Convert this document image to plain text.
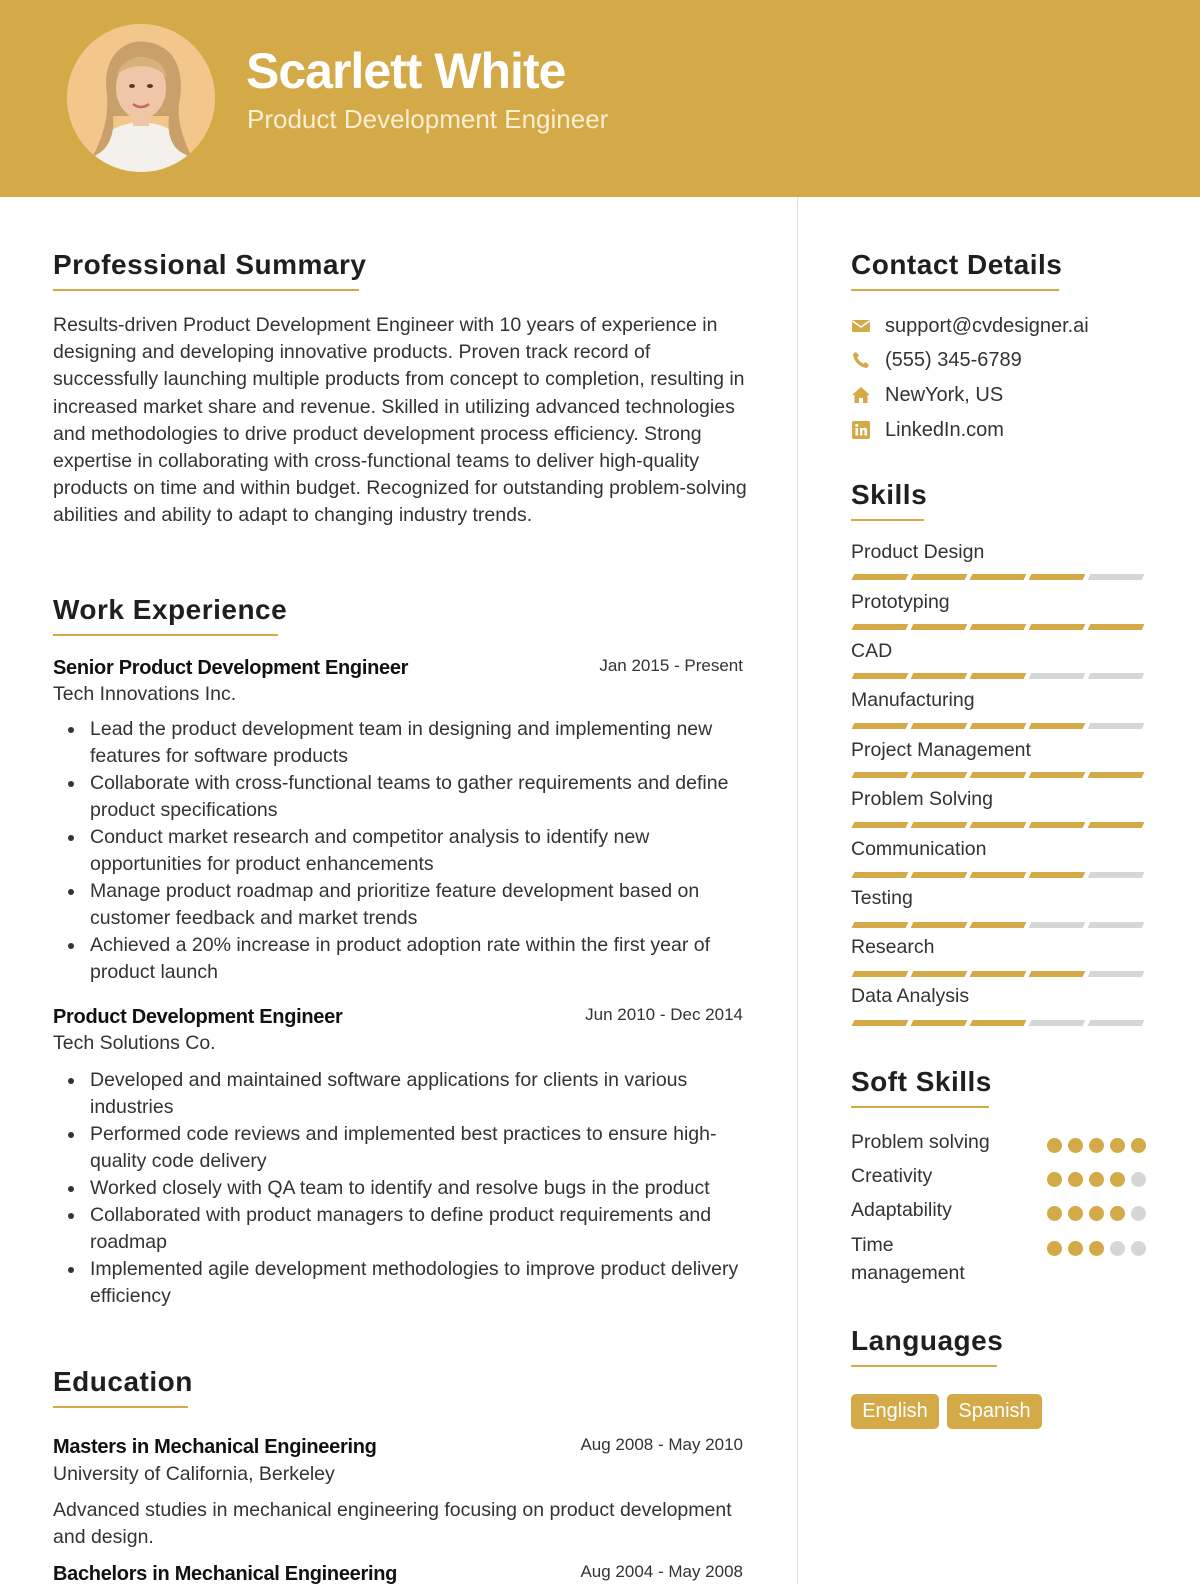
Scarlett White
Product Development Engineer
Professional Summary
Results-driven Product Development Engineer with 10 years of experience in designing and developing innovative products. Proven track record of successfully launching multiple products from concept to completion, resulting in increased market share and revenue. Skilled in utilizing advanced technologies and methodologies to drive product development process efficiency. Strong expertise in collaborating with cross-functional teams to deliver high-quality products on time and within budget. Recognized for outstanding problem-solving abilities and ability to adapt to changing industry trends.
Work Experience
Senior Product Development Engineer	Jan 2015 - Present
Tech Innovations Inc.
Lead the product development team in designing and implementing new features for software products
Collaborate with cross-functional teams to gather requirements and define product specifications
Conduct market research and competitor analysis to identify new opportunities for product enhancements
Manage product roadmap and prioritize feature development based on customer feedback and market trends
Achieved a 20% increase in product adoption rate within the first year of product launch
Product Development Engineer	Jun 2010 - Dec 2014
Tech Solutions Co.
Developed and maintained software applications for clients in various industries
Performed code reviews and implemented best practices to ensure high-quality code delivery
Worked closely with QA team to identify and resolve bugs in the product
Collaborated with product managers to define product requirements and roadmap
Implemented agile development methodologies to improve product delivery efficiency
Education
Masters in Mechanical Engineering	Aug 2008 - May 2010
University of California, Berkeley
Advanced studies in mechanical engineering focusing on product development and design.
Bachelors in Mechanical Engineering	Aug 2004 - May 2008
Contact Details
support@cvdesigner.ai
(555) 345-6789
NewYork, US
LinkedIn.com
Skills
Product Design
Prototyping
CAD
Manufacturing
Project Management
Problem Solving
Communication
Testing
Research
Data Analysis
Soft Skills
Problem solving
Creativity
Adaptability
Time management
Languages
English	Spanish
